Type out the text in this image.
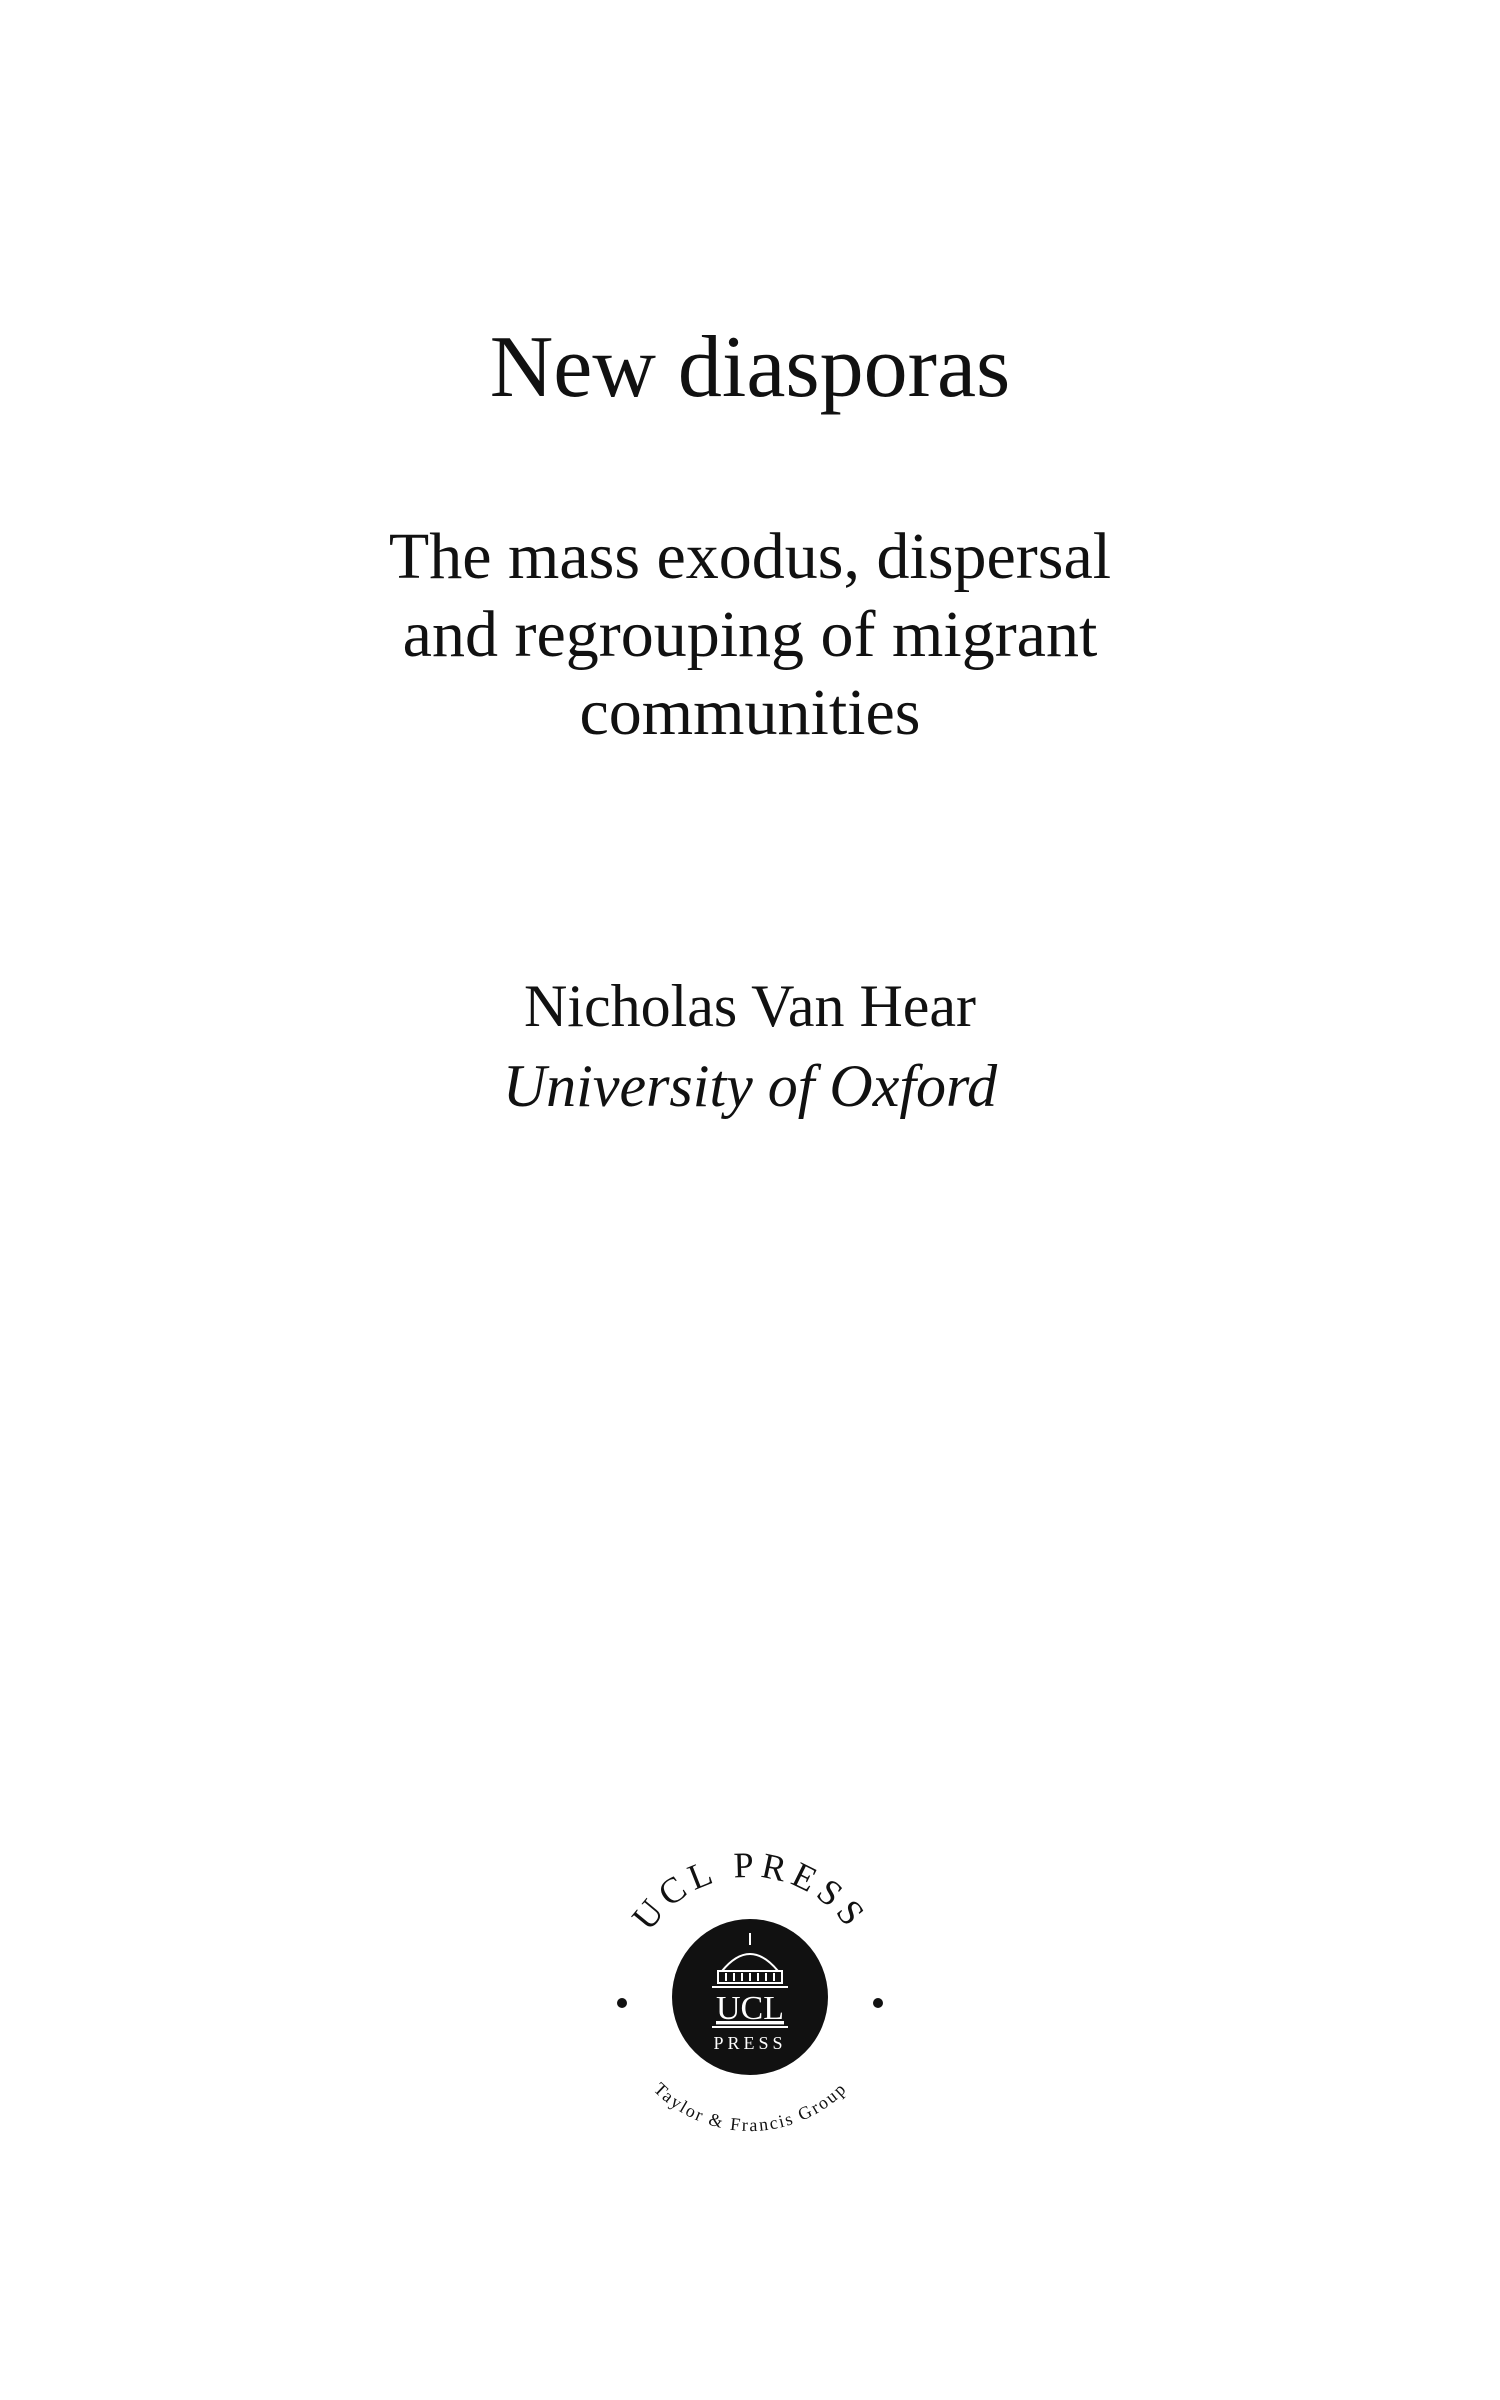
New diasporas
The mass exodus, dispersal
and regrouping of migrant
communities
Nicholas Van Hear
University of Oxford
UCL PRESS
Taylor & Francis Group
UCL
PRESS
